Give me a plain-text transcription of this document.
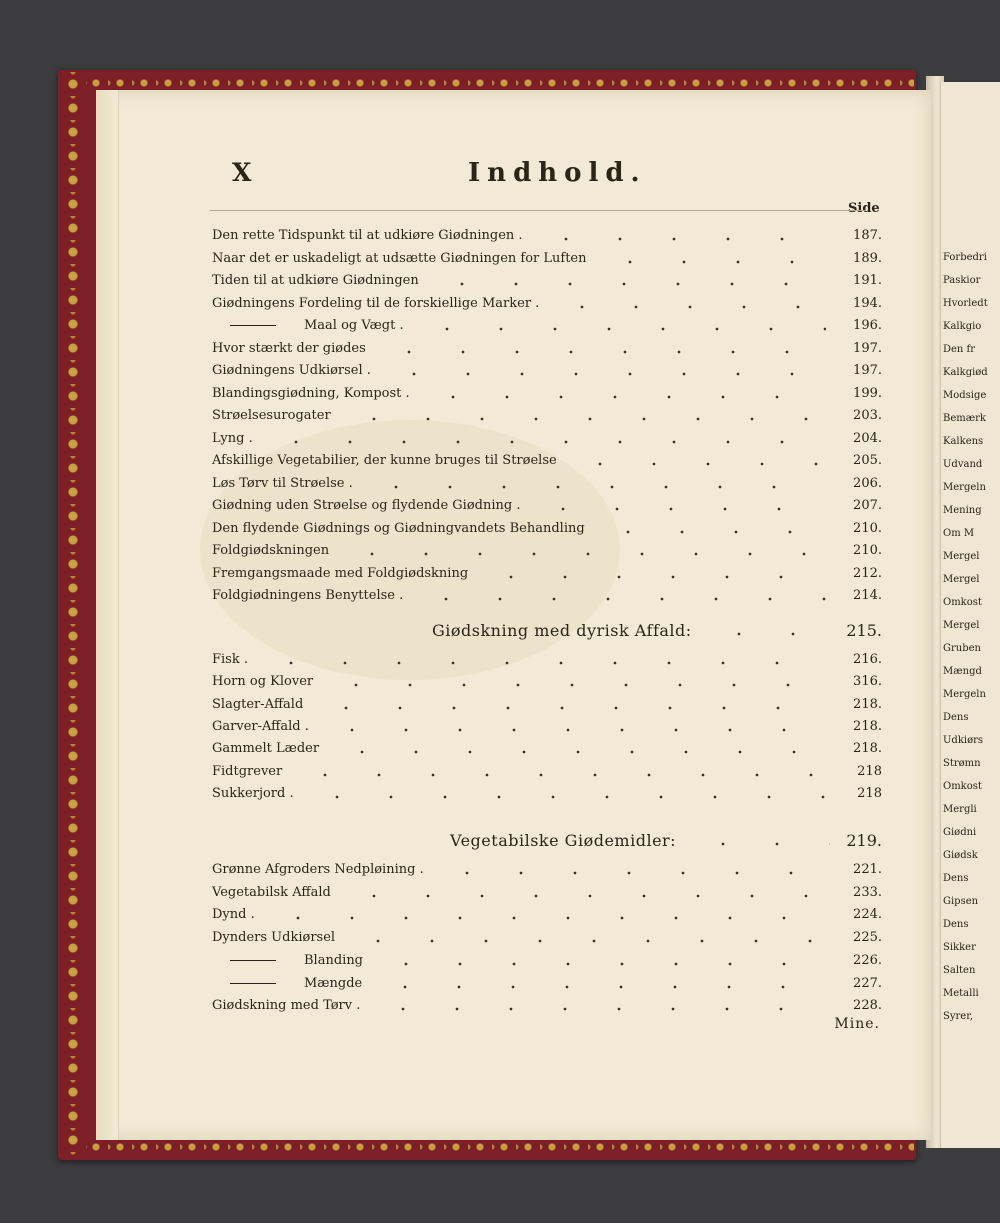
Forbedri
Paskior
Hvorledt
Kalkgio
Den fr
Kalkgiød
Modsige
Bemærk
Kalkens
Udvand
Mergeln
Mening
Om M
Mergel
Mergel
Omkost
Mergel
Gruben
Mængd
Mergeln
Dens
Udkiørs
Strømn
Omkost
Mergli
Giødni
Giødsk
Dens
Gipsen
Dens
Sikker
Salten
Metalli
Syrer,
X	Indhold.
Side
Den rette Tidspunkt til at udkiøre Giødningen .	187.
Naar det er uskadeligt at udsætte Giødningen for Luften	189.
Tiden til at udkiøre Giødningen	191.
Giødningens Fordeling til de forskiellige Marker .	194.
Maal og Vægt .	196.
Hvor stærkt der giødes	197.
Giødningens Udkiørsel .	197.
Blandingsgiødning, Kompost .	199.
Strøelsesurogater	203.
Lyng .	204.
Afskillige Vegetabilier, der kunne bruges til Strøelse	205.
Løs Tørv til Strøelse .	206.
Giødning uden Strøelse og flydende Giødning .	207.
Den flydende Giødnings og Giødningvandets Behandling	210.
Foldgiødskningen	210.
Fremgangsmaade med Foldgiødskning	212.
Foldgiødningens Benyttelse .	214.
Giødskning med dyrisk Affald:	215.
Fisk .	216.
Horn og Klover	316.
Slagter-Affald	218.
Garver-Affald .	218.
Gammelt Læder	218.
Fidtgrever	218
Sukkerjord .	218
Vegetabilske Giødemidler:	219.
Grønne Afgroders Nedpløining .	221.
Vegetabilsk Affald	233.
Dynd .	224.
Dynders Udkiørsel	225.
Blanding	226.
Mængde	227.
Giødskning med Tørv .	228.
Mine.
